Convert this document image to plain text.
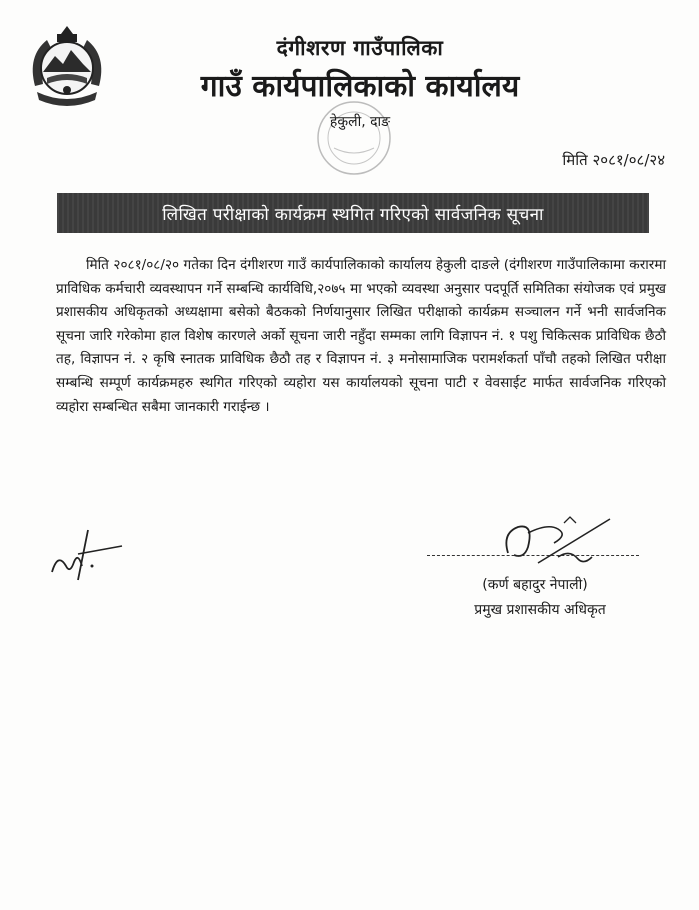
दंगीशरण गाउँपालिका
गाउँ कार्यपालिकाको कार्यालय
हेकुली, दाङ
मिति २०८१/०८/२४
लिखित परीक्षाको कार्यक्रम स्थगित गरिएको सार्वजनिक सूचना
मिति २०८१/०८/२० गतेका दिन दंगीशरण गाउँ कार्यपालिकाको कार्यालय हेकुली दाङले (दंगीशरण गाउँपालिकामा करारमा प्राविधिक कर्मचारी व्यवस्थापन गर्ने सम्बन्धि कार्यविधि,२०७५ मा भएको व्यवस्था अनुसार पदपूर्ति समितिका संयोजक एवं प्रमुख प्रशासकीय अधिकृतको अध्यक्षामा बसेको बैठकको निर्णयानुसार लिखित परीक्षाको कार्यक्रम सञ्चालन गर्ने भनी सार्वजनिक सूचना जारि गरेकोमा हाल विशेष कारणले अर्को सूचना जारी नहुँदा सम्मका लागि विज्ञापन नं. १ पशु चिकित्सक प्राविधिक छैठौ तह, विज्ञापन नं. २ कृषि स्नातक प्राविधिक छैठौ तह र विज्ञापन नं. ३ मनोसामाजिक परामर्शकर्ता पाँचौ तहको लिखित परीक्षा सम्बन्धि सम्पूर्ण कार्यक्रमहरु स्थगित गरिएको व्यहोरा यस कार्यालयको सूचना पाटी र वेवसाईट मार्फत सार्वजनिक गरिएको व्यहोरा सम्बन्धित सबैमा जानकारी गराईन्छ ।
(कर्ण बहादुर नेपाली)
प्रमुख प्रशासकीय अधिकृत
